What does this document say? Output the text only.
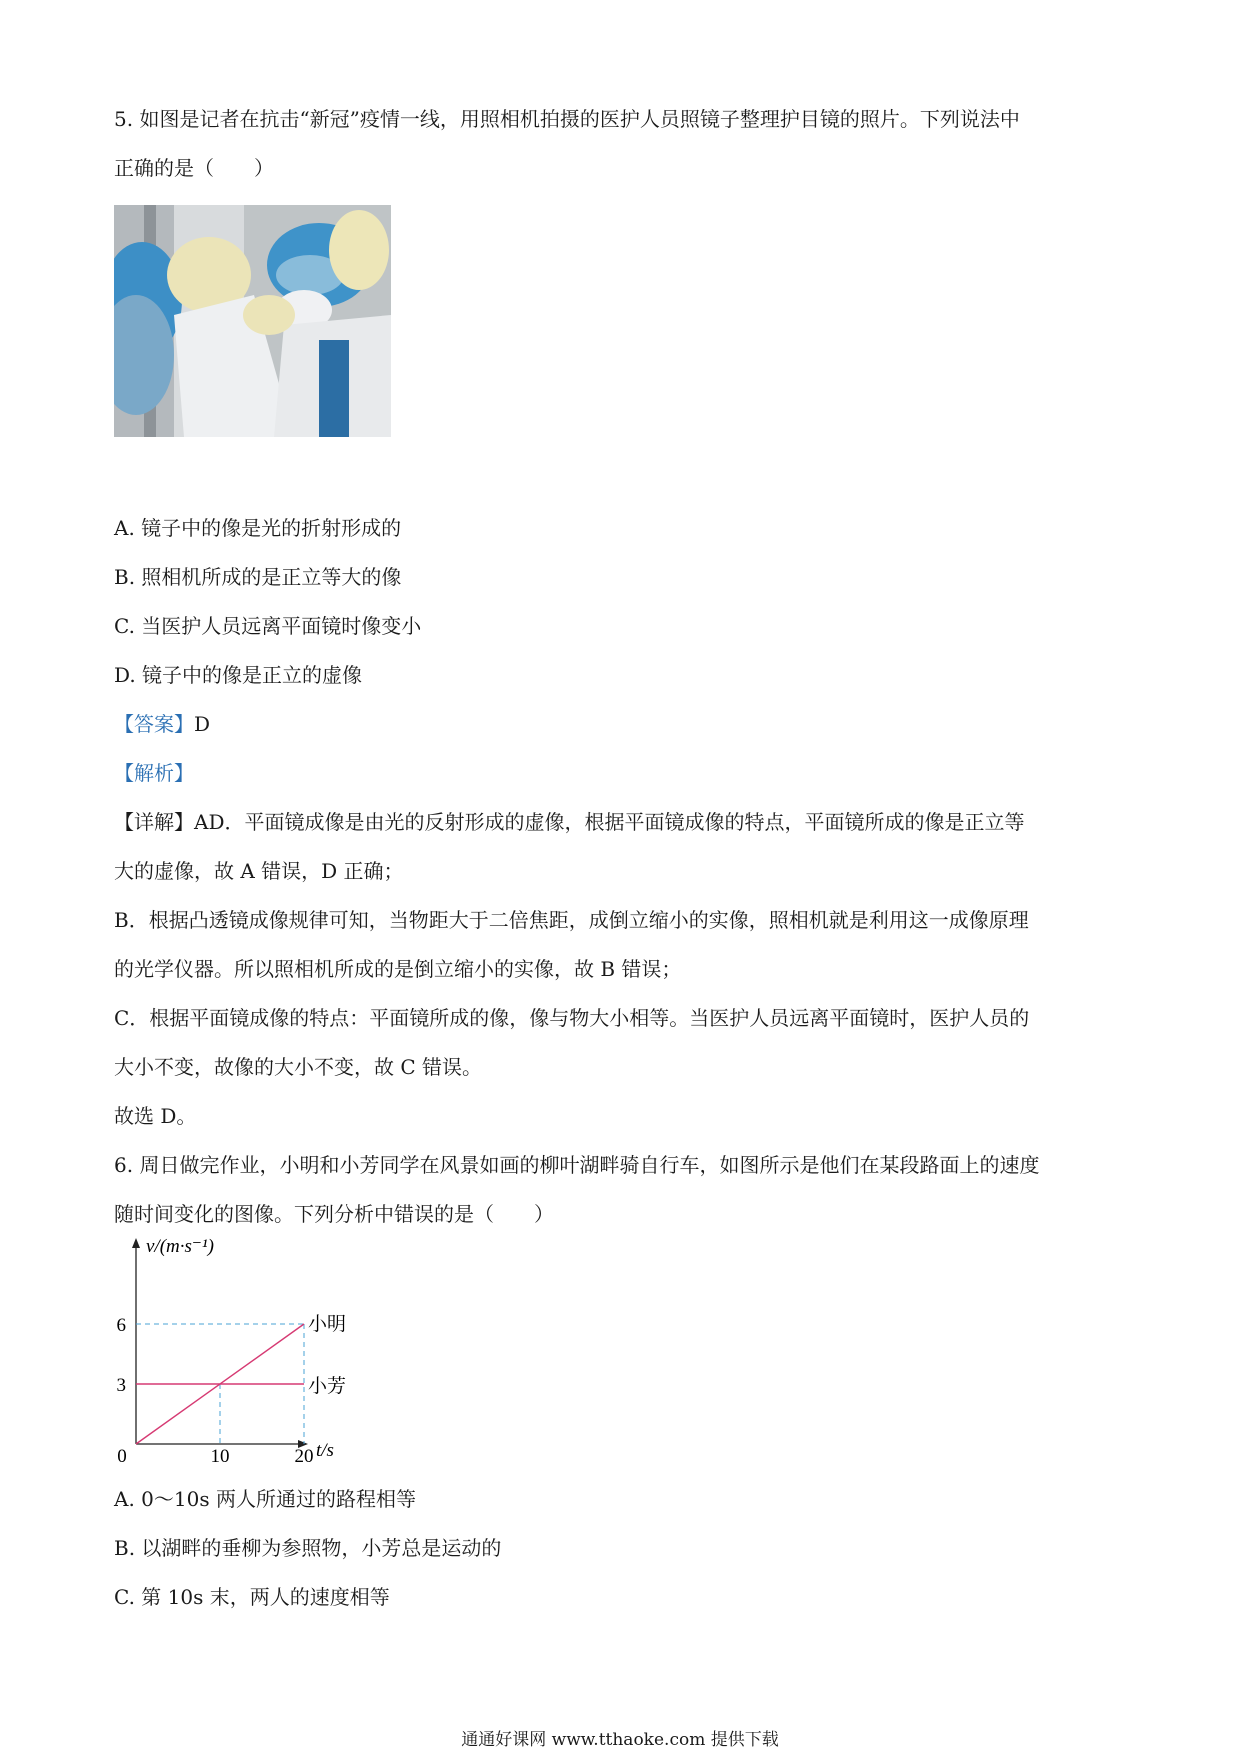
5. 如图是记者在抗击“新冠”疫情一线，用照相机拍摄的医护人员照镜子整理护目镜的照片。下列说法中
正确的是（　　）
A. 镜子中的像是光的折射形成的
B. 照相机所成的是正立等大的像
C. 当医护人员远离平面镜时像变小
D. 镜子中的像是正立的虚像
【答案】D
【解析】
【详解】AD．平面镜成像是由光的反射形成的虚像，根据平面镜成像的特点，平面镜所成的像是正立等
大的虚像，故 A 错误，D 正确；
B．根据凸透镜成像规律可知，当物距大于二倍焦距，成倒立缩小的实像，照相机就是利用这一成像原理
的光学仪器。所以照相机所成的是倒立缩小的实像，故 B 错误；
C．根据平面镜成像的特点：平面镜所成的像，像与物大小相等。当医护人员远离平面镜时，医护人员的
大小不变，故像的大小不变，故 C 错误。
故选 D。
6. 周日做完作业，小明和小芳同学在风景如画的柳叶湖畔骑自行车，如图所示是他们在某段路面上的速度
随时间变化的图像。下列分析中错误的是（　　）
v/(m·s⁻¹)
t/s
0	10	20
3
6	小明
小芳
A. 0～10s 两人所通过的路程相等
B. 以湖畔的垂柳为参照物，小芳总是运动的
C. 第 10s 末，两人的速度相等
通通好课网 www.tthaoke.com 提供下载
